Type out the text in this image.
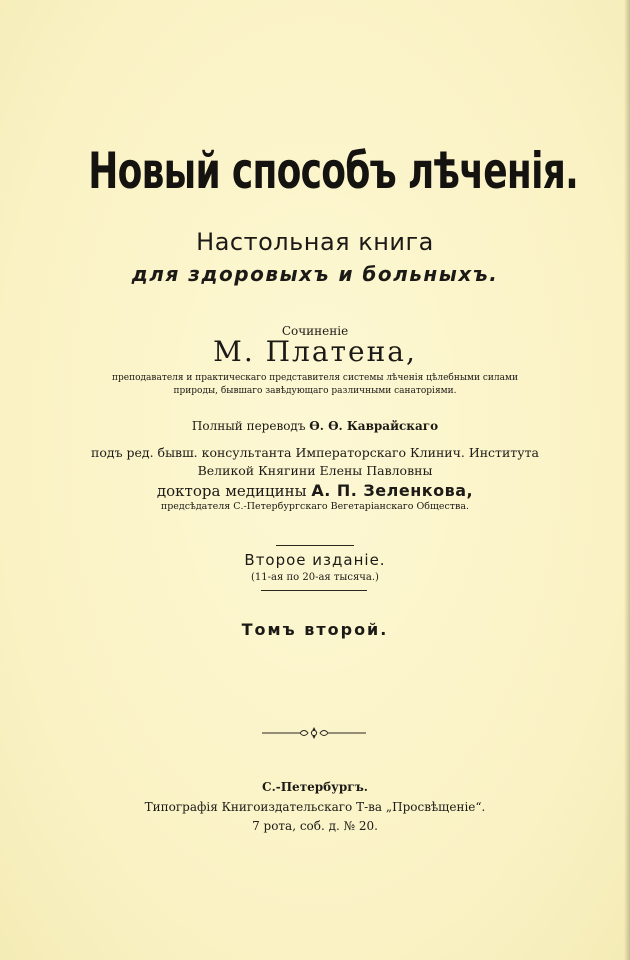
Новый способъ лѣченія.
Настольная книга
для здоровыхъ и больныхъ.
Сочиненіе
М. Платена,
преподавателя и практическаго представителя системы лѣченія цѣлебными силами
природы, бывшаго завѣдующаго различными санаторіями.
Полный переводъ Ѳ. Ѳ. Каврайскаго
подъ ред. бывш. консультанта Императорскаго Клинич. Института
Великой Княгини Елены Павловны
доктора медицины А. П. Зеленкова,
предсѣдателя С.-Петербургскаго Вегетаріанскаго Общества.
Второе изданіе.
(11-ая по 20-ая тысяча.)
Томъ второй.
С.-Петербургъ.
Типографія Книгоиздательскаго Т-ва „Просвѣщеніе“.
7 рота, соб. д. № 20.
